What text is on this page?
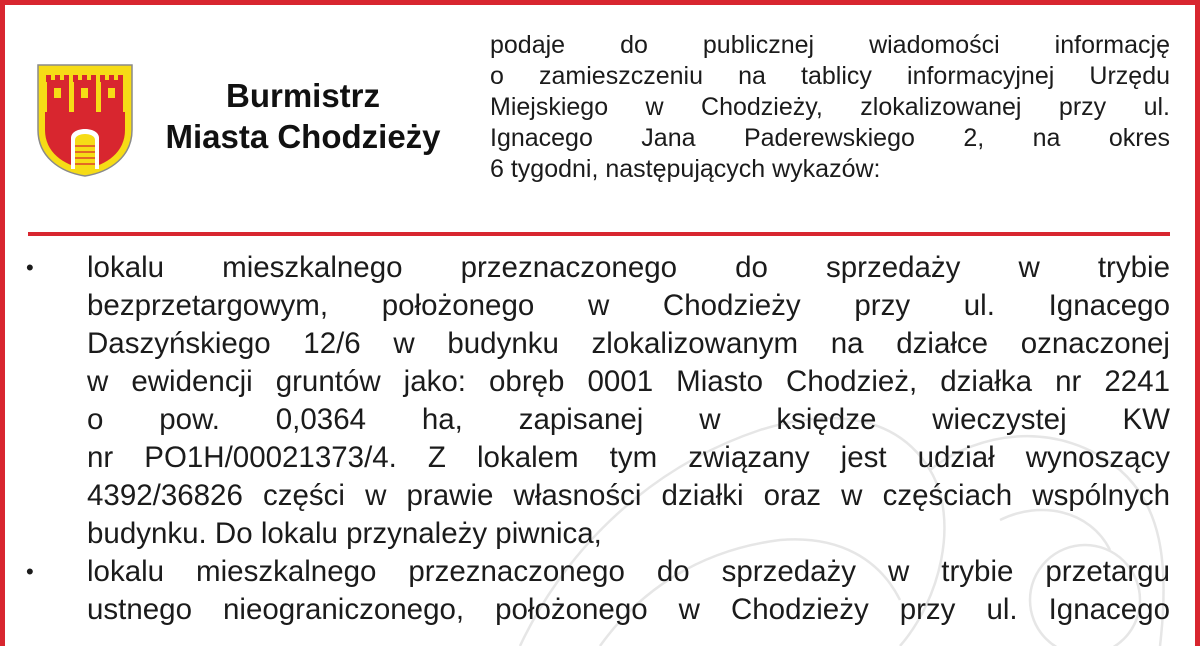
Burmistrz
Miasta Chodzieży
podaje do publicznej wiadomości informację
o zamieszczeniu na tablicy informacyjnej Urzędu
Miejskiego w Chodzieży, zlokalizowanej przy ul.
Ignacego Jana Paderewskiego 2, na okres
6 tygodni, następujących wykazów:
• lokalu mieszkalnego przeznaczonego do sprzedaży w trybie
bezprzetargowym, położonego w Chodzieży przy ul. Ignacego
Daszyńskiego 12/6 w budynku zlokalizowanym na działce oznaczonej
w ewidencji gruntów jako: obręb 0001 Miasto Chodzież, działka nr 2241
o pow. 0,0364 ha, zapisanej w księdze wieczystej KW
nr PO1H/00021373/4. Z lokalem tym związany jest udział wynoszący
4392/36826 części w prawie własności działki oraz w częściach wspólnych
budynku. Do lokalu przynależy piwnica,
• lokalu mieszkalnego przeznaczonego do sprzedaży w trybie przetargu
ustnego nieograniczonego, położonego w Chodzieży przy ul. Ignacego
